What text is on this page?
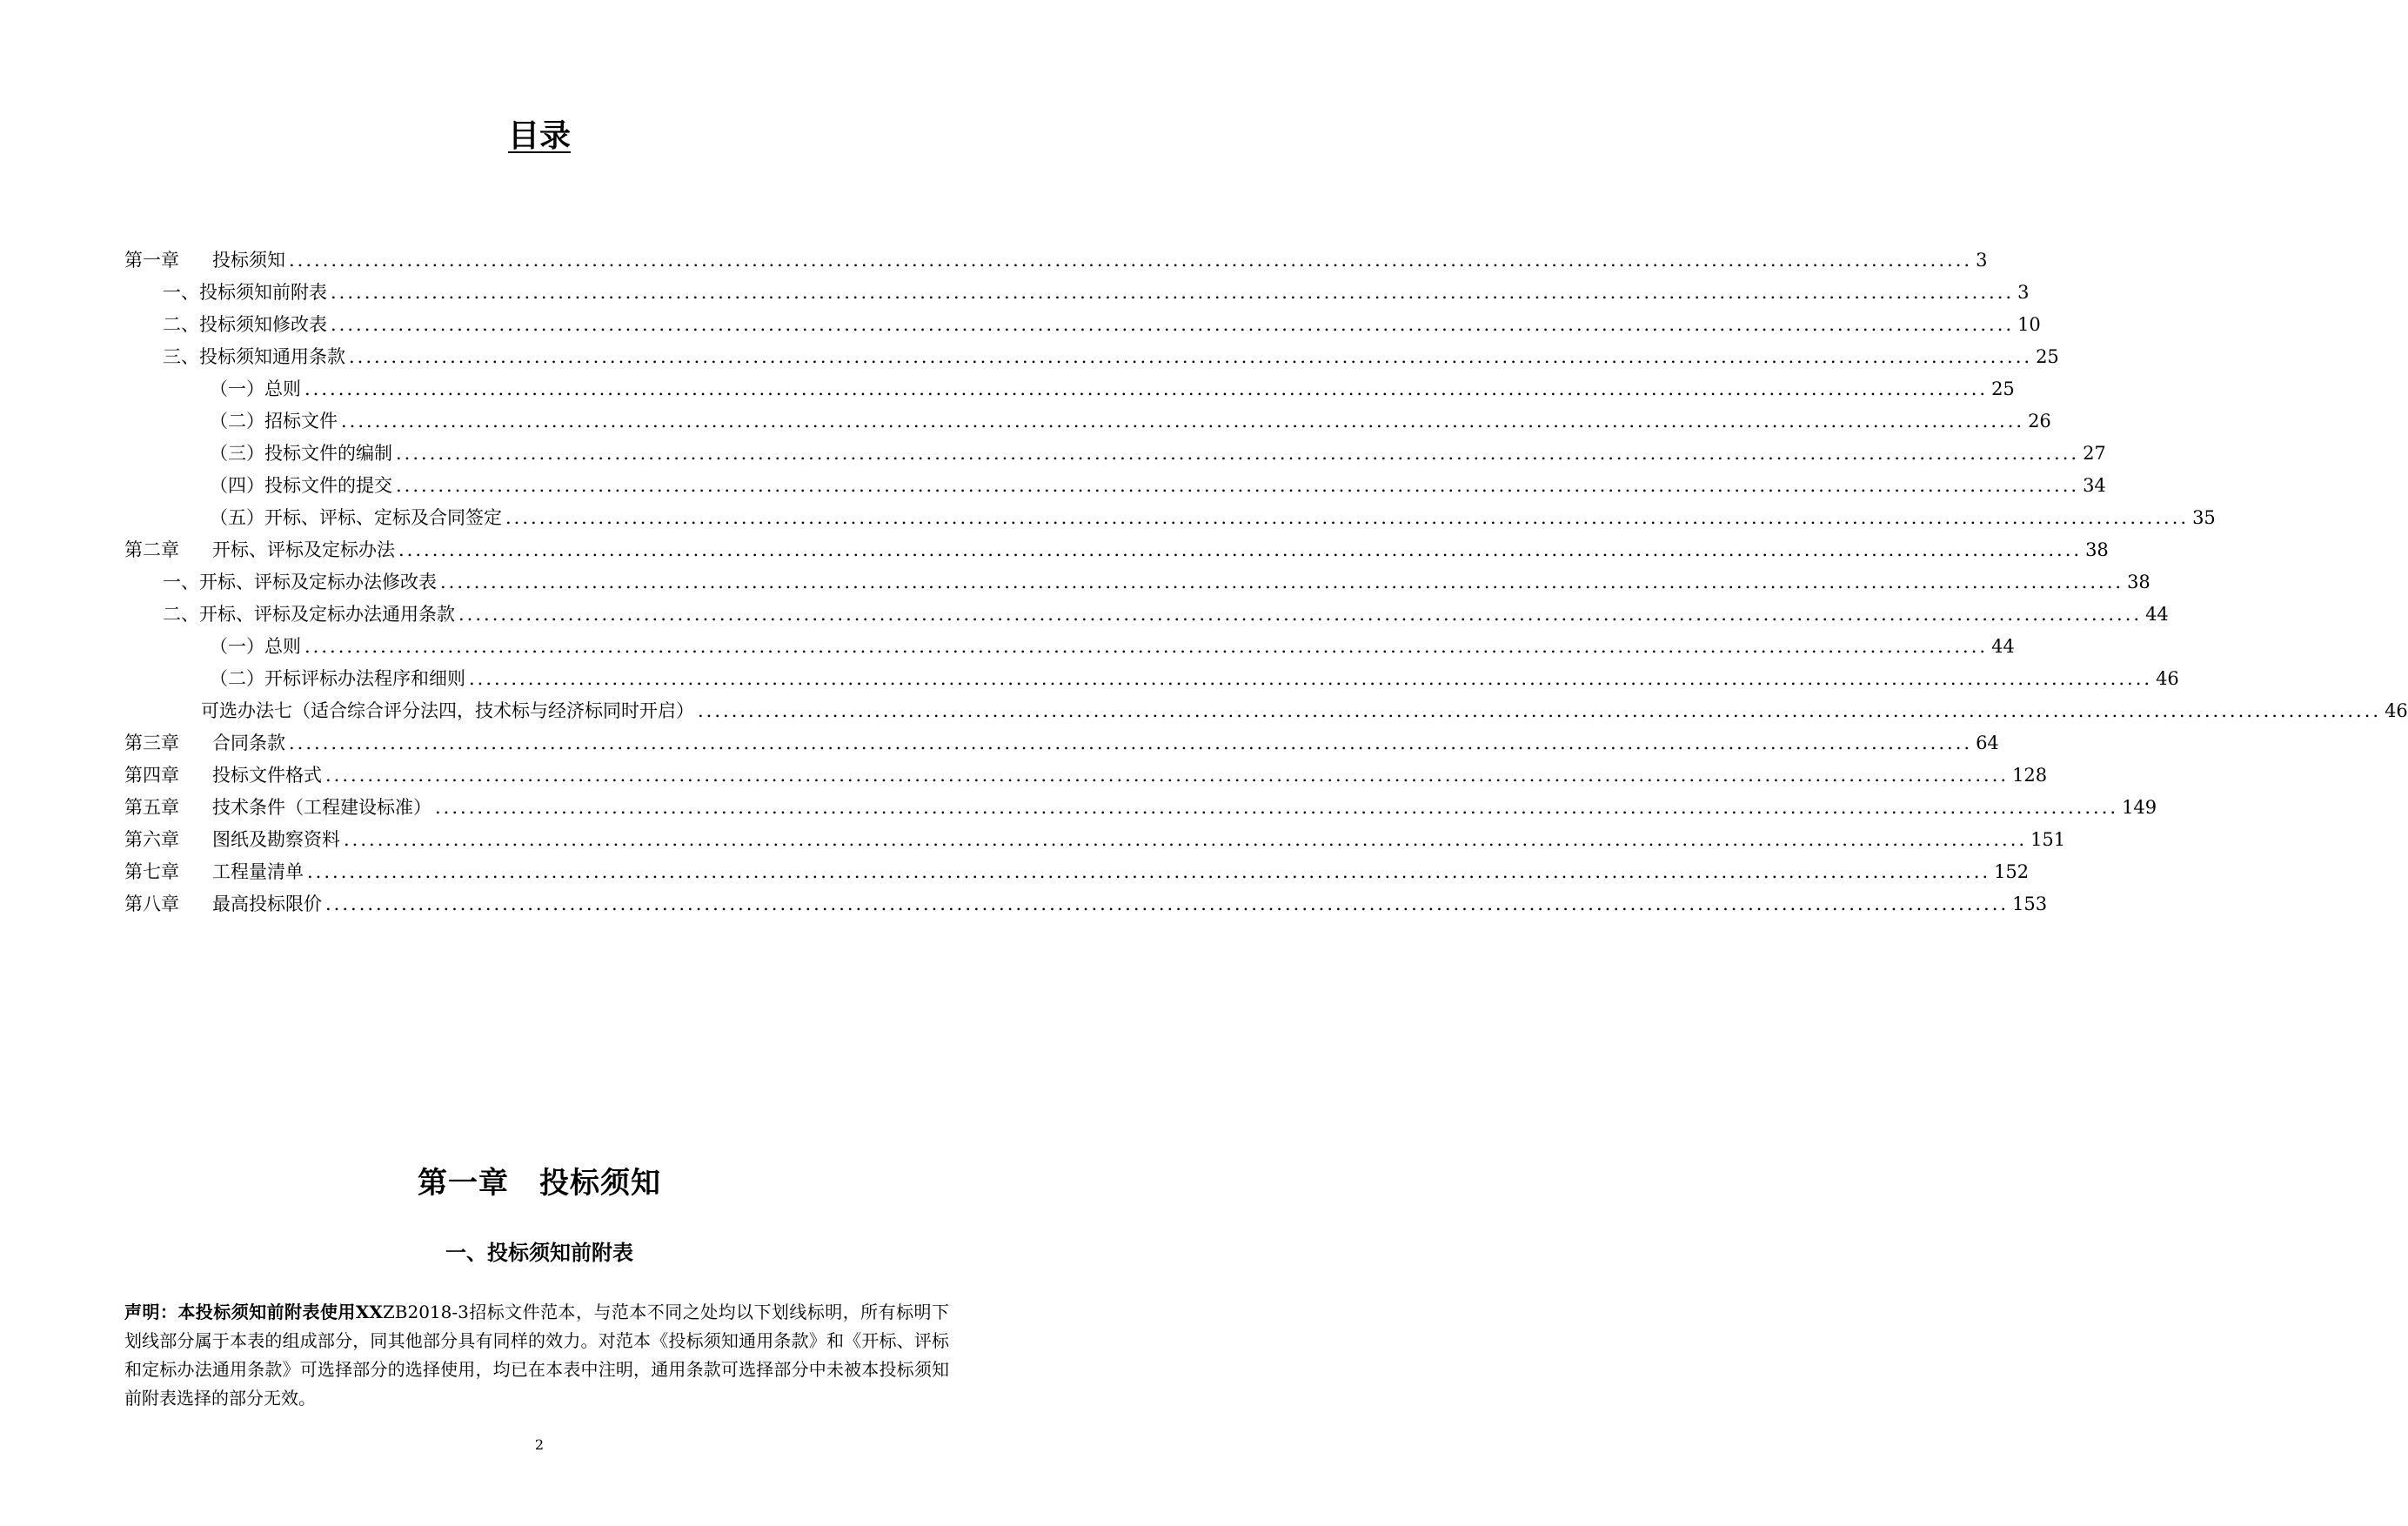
目录
第一章 投标须知 ........................................................................................................................................................................................................ 3
一、投标须知前附表 ........................................................................................................................................................................................................ 3
二、投标须知修改表 ........................................................................................................................................................................................................ 10
三、投标须知通用条款 ........................................................................................................................................................................................................ 25
（一）总则 ........................................................................................................................................................................................................ 25
（二）招标文件 ........................................................................................................................................................................................................ 26
（三）投标文件的编制 ........................................................................................................................................................................................................ 27
（四）投标文件的提交 ........................................................................................................................................................................................................ 34
（五）开标、评标、定标及合同签定 ........................................................................................................................................................................................................ 35
第二章 开标、评标及定标办法 ........................................................................................................................................................................................................ 38
一、开标、评标及定标办法修改表 ........................................................................................................................................................................................................ 38
二、开标、评标及定标办法通用条款 ........................................................................................................................................................................................................ 44
（一）总则 ........................................................................................................................................................................................................ 44
（二）开标评标办法程序和细则 ........................................................................................................................................................................................................ 46
可选办法七（适合综合评分法四，技术标与经济标同时开启） ........................................................................................................................................................................................................ 46
第三章 合同条款 ........................................................................................................................................................................................................ 64
第四章 投标文件格式 ........................................................................................................................................................................................................ 128
第五章 技术条件（工程建设标准） ........................................................................................................................................................................................................ 149
第六章 图纸及勘察资料 ........................................................................................................................................................................................................ 151
第七章 工程量清单 ........................................................................................................................................................................................................ 152
第八章 最高投标限价 ........................................................................................................................................................................................................ 153
第一章　投标须知
一、投标须知前附表
声明：本投标须知前附表使用XXZB2018-3招标文件范本，与范本不同之处均以下划线标明，所有标明下划线部分属于本表的组成部分，同其他部分具有同样的效力。对范本《投标须知通用条款》和《开标、评标和定标办法通用条款》可选择部分的选择使用，均已在本表中注明，通用条款可选择部分中未被本投标须知前附表选择的部分无效。
2
